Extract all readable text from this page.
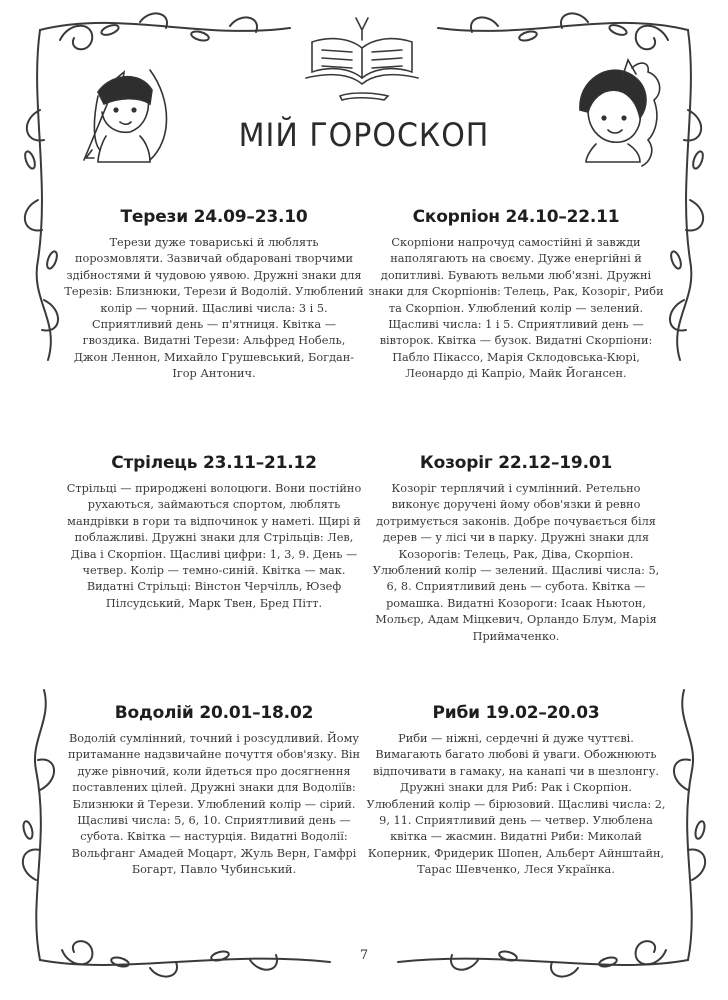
МІЙ ГОРОСКОП
Терези 24.09–23.10

Терези дуже товариські й люблять порозмовляти. Зазвичай обдаровані творчими здібностями й чудовою уявою. Дружні знаки для Терезів: Близнюки, Терези й Водолій. Улюблений колір — чорний. Щасливі числа: 3 і 5. Сприятливий день — п'ятниця. Квітка — гвоздика. Видатні Терези: Альфред Нобель, Джон Леннон, Михайло Грушевський, Богдан-Ігор Антонич.

Скорпіон 24.10–22.11

Скорпіони напрочуд самостійні й завжди наполягають на своєму. Дуже енергійні й допитливі. Бувають вельми люб'язні. Дружні знаки для Скорпіонів: Телець, Рак, Козоріг, Риби та Скорпіон. Улюблений колір — зелений. Щасливі числа: 1 і 5. Сприятливий день — вівторок. Квітка — бузок. Видатні Скорпіони: Пабло Пікассо, Марія Склодовська-Кюрі, Леонардо ді Капріо, Майк Йогансен.

Стрілець 23.11–21.12

Стрільці — природжені волоцюги. Вони постійно рухаються, займаються спортом, люблять мандрівки в гори та відпочинок у наметі. Щирі й поблажливі. Дружні знаки для Стрільців: Лев, Діва і Скорпіон. Щасливі цифри: 1, 3, 9. День — четвер. Колір — темно-синій. Квітка — мак. Видатні Стрільці: Вінстон Черчілль, Юзеф Пілсудський, Марк Твен, Бред Пітт.

Козоріг 22.12–19.01

Козоріг терплячий і сумлінний. Ретельно виконує доручені йому обов'язки й ревно дотримується законів. Добре почувається біля дерев — у лісі чи в парку. Дружні знаки для Козорогів: Телець, Рак, Діва, Скорпіон. Улюблений колір — зелений. Щасливі числа: 5, 6, 8. Сприятливий день — субота. Квітка — ромашка. Видатні Козороги: Ісаак Ньютон, Мольєр, Адам Міцкевич, Орландо Блум, Марія Приймаченко.

Водолій 20.01–18.02

Водолій сумлінний, точний і розсудливий. Йому притаманне надзвичайне почуття обов'язку. Він дуже рівночий, коли йдеться про досягнення поставлених цілей. Дружні знаки для Водоліїв: Близнюки й Терези. Улюблений колір — сірий. Щасливі числа: 5, 6, 10. Сприятливий день — субота. Квітка — настурція. Видатні Водолії: Вольфганг Амадей Моцарт, Жуль Верн, Гамфрі Богарт, Павло Чубинський.

Риби 19.02–20.03

Риби — ніжні, сердечні й дуже чуттєві. Вимагають багато любові й уваги. Обожнюють відпочивати в гамаку, на канапі чи в шезлонгу. Дружні знаки для Риб: Рак і Скорпіон. Улюблений колір — бірюзовий. Щасливі числа: 2, 9, 11. Сприятливий день — четвер. Улюблена квітка — жасмин. Видатні Риби: Миколай Коперник, Фридерик Шопен, Альберт Айнштайн, Тарас Шевченко, Леся Українка.

7
